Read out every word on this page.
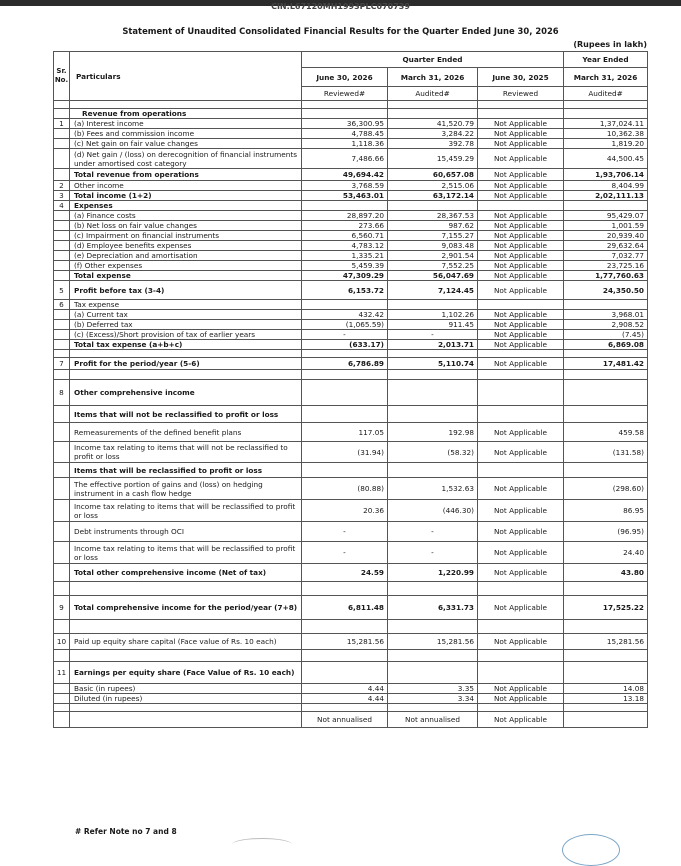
CIN:L67120MH1993PLC070739
Statement of Unaudited Consolidated Financial Results for the Quarter Ended June 30, 2026
(Rupees in lakh)
Sr. No.	Particulars	Quarter Ended			Year Ended
		June 30, 2026	March 31, 2026	June 30, 2025	March 31, 2026
		Reviewed#	Audited#	Reviewed	Audited#

	Revenue from operations				
1	(a) Interest income	36,300.95	41,520.79	Not Applicable	1,37,024.11
	(b) Fees and commission income	4,788.45	3,284.22	Not Applicable	10,362.38
	(c) Net gain on fair value changes	1,118.36	392.78	Not Applicable	1,819.20
	(d) Net gain / (loss) on derecognition of financial instruments under amortised cost category	7,486.66	15,459.29	Not Applicable	44,500.45
	Total revenue from operations	49,694.42	60,657.08	Not Applicable	1,93,706.14
2	Other income	3,768.59	2,515.06	Not Applicable	8,404.99
3	Total income (1+2)	53,463.01	63,172.14	Not Applicable	2,02,111.13
4	Expenses				
	(a) Finance costs	28,897.20	28,367.53	Not Applicable	95,429.07
	(b) Net loss on fair value changes	273.66	987.62	Not Applicable	1,001.59
	(c) Impairment on financial instruments	6,560.71	7,155.27	Not Applicable	20,939.40
	(d) Employee benefits expenses	4,783.12	9,083.48	Not Applicable	29,632.64
	(e) Depreciation and amortisation	1,335.21	2,901.54	Not Applicable	7,032.77
	(f) Other expenses	5,459.39	7,552.25	Not Applicable	23,725.16
	Total expense	47,309.29	56,047.69	Not Applicable	1,77,760.63
5	Profit before tax (3-4)	6,153.72	7,124.45	Not Applicable	24,350.50
6	Tax expense				
	(a) Current tax	432.42	1,102.26	Not Applicable	3,968.01
	(b) Deferred tax	(1,065.59)	911.45	Not Applicable	2,908.52
	(c) (Excess)/Short provision of tax of earlier years	-	-	Not Applicable	(7.45)
	Total tax expense (a+b+c)	(633.17)	2,013.71	Not Applicable	6,869.08

7	Profit for the period/year (5-6)	6,786.89	5,110.74	Not Applicable	17,481.42

8	Other comprehensive income				
	Items that will not be reclassified to profit or loss				
	Remeasurements of the defined benefit plans	117.05	192.98	Not Applicable	459.58
	Income tax relating to items that will not be reclassified to profit or loss	(31.94)	(58.32)	Not Applicable	(131.58)
	Items that will be reclassified to profit or loss				
	The effective portion of gains and (loss) on hedging instrument in a cash flow hedge	(80.88)	1,532.63	Not Applicable	(298.60)
	Income tax relating to items that will be reclassified to profit or loss	20.36	(446.30)	Not Applicable	86.95
	Debt instruments through OCI	-	-	Not Applicable	(96.95)
	Income tax relating to items that will be reclassified to profit or loss	-	-	Not Applicable	24.40
	Total other comprehensive income (Net of tax)	24.59	1,220.99	Not Applicable	43.80

9	Total comprehensive income for the period/year (7+8)	6,811.48	6,331.73	Not Applicable	17,525.22

10	Paid up equity share capital (Face value of Rs. 10 each)	15,281.56	15,281.56	Not Applicable	15,281.56

11	Earnings per equity share (Face Value of Rs. 10 each)				
	Basic (in rupees)	4.44	3.35	Not Applicable	14.08
	Diluted (in rupees)	4.44	3.34	Not Applicable	13.18

		Not annualised	Not annualised	Not Applicable	
# Refer Note no 7 and 8
